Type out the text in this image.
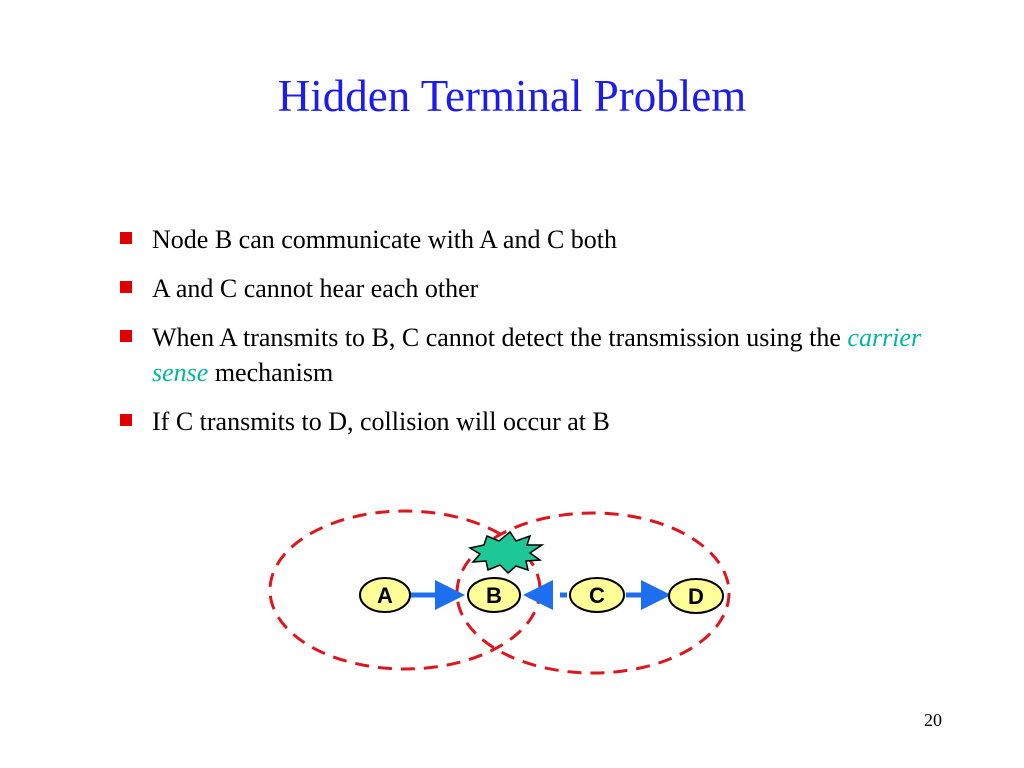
Hidden Terminal Problem
Node B can communicate with A and C both
A and C cannot hear each other
When A transmits to B, C cannot detect the transmission using the carrier sense mechanism
If C transmits to D, collision will occur at B
A	B	C	D
20
